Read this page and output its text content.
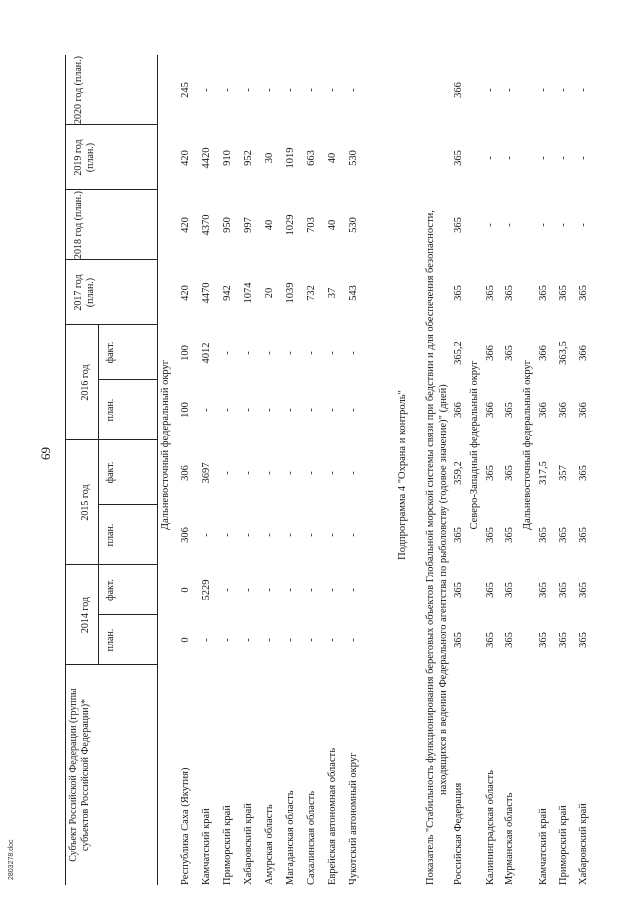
69
Субъект Российской Федерации (группы субъектов Российской Федерации)*
2014 год
2015 год
2016 год
план.
факт.
план.
факт.
план.
факт.
2017 год (план.)
2018 год (план.)
2019 год (план.)
2020 год (план.)
Дальневосточный федеральный округ
Республика Саха (Якутия)
0
0
306
306
100
100
420
420
420
245
Камчатский край
-
5229
-
3697
-
4012
4470
4370
4420
-
Приморский край
-
-
-
-
-
-
942
950
910
-
Хабаровский край
-
-
-
-
-
-
1074
997
952
-
Амурская область
-
-
-
-
-
-
20
40
30
-
Магаданская область
-
-
-
-
-
-
1039
1029
1019
-
Сахалинская область
-
-
-
-
-
-
732
703
663
-
Еврейская автономная область
-
-
-
-
-
-
37
40
40
-
Чукотский автономный округ
-
-
-
-
-
-
543
530
530
-
Подпрограмма 4 "Охрана и контроль" Показатель "Стабильность функционирования береговых объектов Глобальной морской системы связи при бедствии и для обеспечения безопасности, находящихся в ведении Федерального агентства по рыболовству (годовое значение)" (дней)
Российская Федерация
365
365
365
359,2
366
365,2
365
365
365
366
Северо-Западный федеральный округ
Калининградская область
365
365
365
365
366
366
365
-
-
-
Мурманская область
365
365
365
365
365
365
365
-
-
-
Дальневосточный федеральный округ
Камчатский край
365
365
365
317,5
366
366
365
-
-
-
Приморский край
365
365
365
357
366
363,5
365
-
-
-
Хабаровский край
365
365
365
365
366
366
365
-
-
-
2803278.doc
